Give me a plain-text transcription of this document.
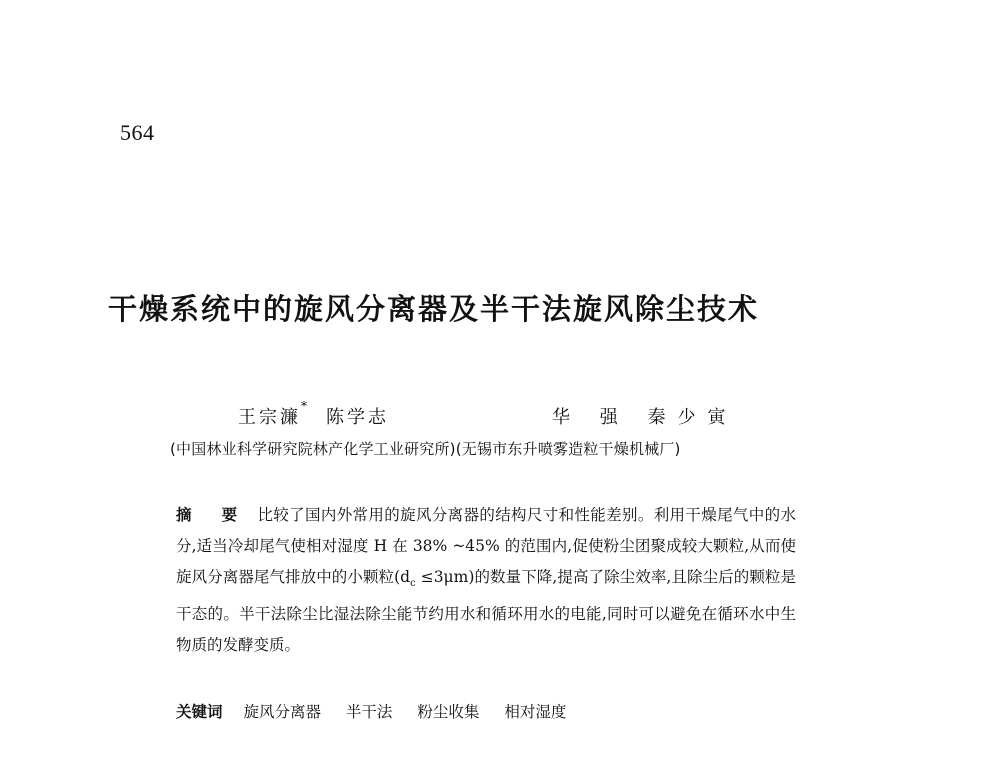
564
干燥系统中的旋风分离器及半干法旋风除尘技术
王宗濂*陈学志	华 强 秦少寅
(中国林业科学研究院林产化学工业研究所)(无锡市东升喷雾造粒干燥机械厂)
摘 要 比较了国内外常用的旋风分离器的结构尺寸和性能差别。利用干燥尾气中的水分,适当冷却尾气使相对湿度 H 在 38% ~45% 的范围内,促使粉尘团聚成较大颗粒,从而使旋风分离器尾气排放中的小颗粒$(d_c \le 3\mu m)$的数量下降,提高了除尘效率,且除尘后的颗粒是干态的。半干法除尘比湿法除尘能节约用水和循环用水的电能,同时可以避免在循环水中生物质的发酵变质。
关键词 旋风分离器 半干法 粉尘收集 相对湿度
